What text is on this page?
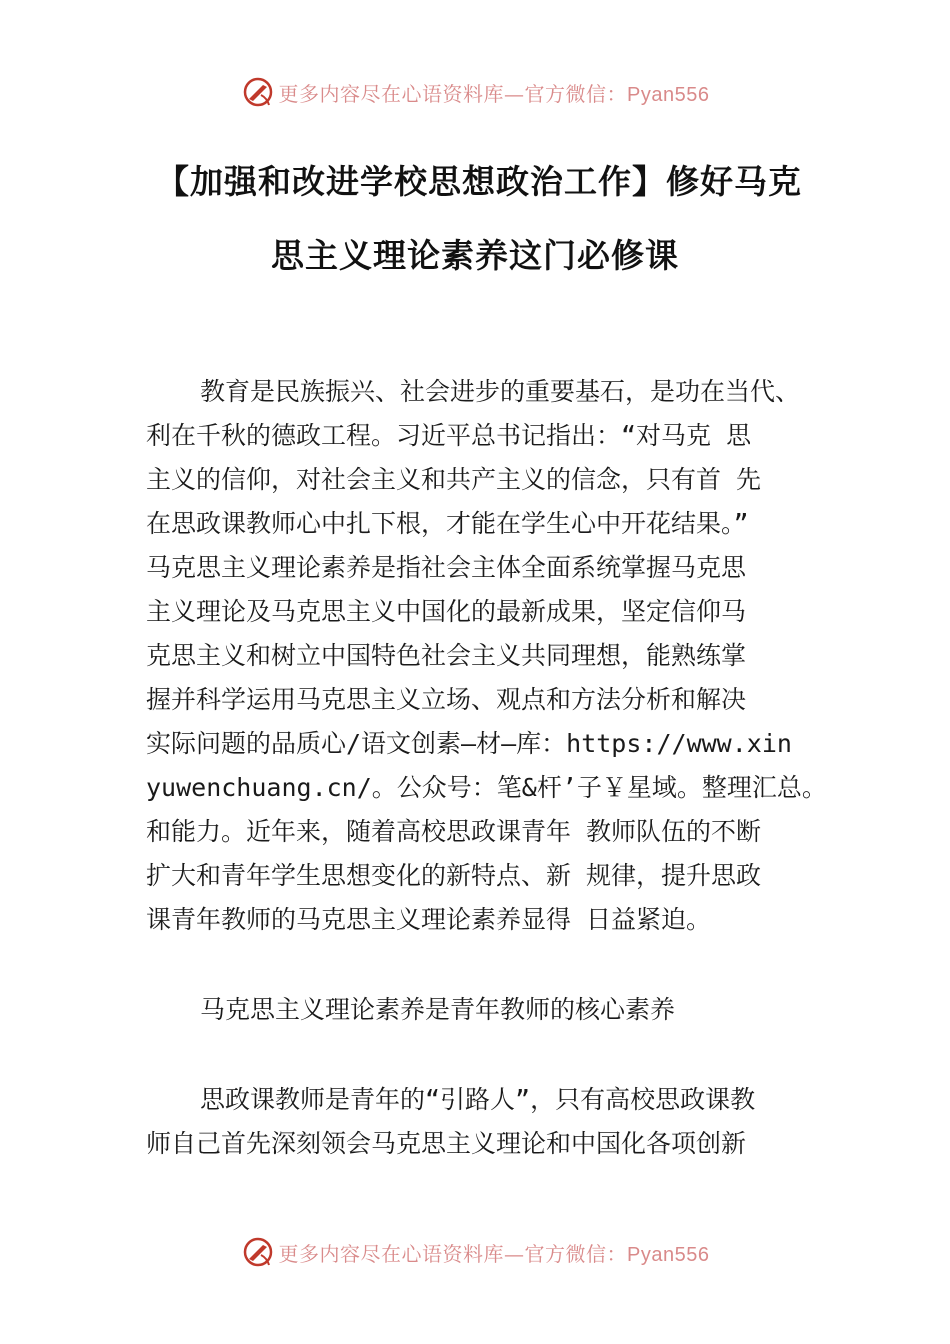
更多内容尽在心语资料库—官方微信：Pyan556
【加强和改进学校思想政治工作】修好马克
思主义理论素养这门必修课
教育是民族振兴、社会进步的重要基石，是功在当代、
利在千秋的德政工程。习近平总书记指出：“对马克 思
主义的信仰，对社会主义和共产主义的信念，只有首 先
在思政课教师心中扎下根，才能在学生心中开花结果。”
马克思主义理论素养是指社会主体全面系统掌握马克思
主义理论及马克思主义中国化的最新成果，坚定信仰马
克思主义和树立中国特色社会主义共同理想，能熟练掌
握并科学运用马克思主义立场、观点和方法分析和解决
实际问题的品质心/语文创素—材—库：https://www.xin
yuwenchuang.cn/。公众号：笔&杆’子￥星域。整理汇总。
和能力。近年来，随着高校思政课青年 教师队伍的不断
扩大和青年学生思想变化的新特点、新 规律，提升思政
课青年教师的马克思主义理论素养显得 日益紧迫。
马克思主义理论素养是青年教师的核心素养
思政课教师是青年的“引路人”，只有高校思政课教
师自己首先深刻领会马克思主义理论和中国化各项创新
更多内容尽在心语资料库—官方微信：Pyan556
